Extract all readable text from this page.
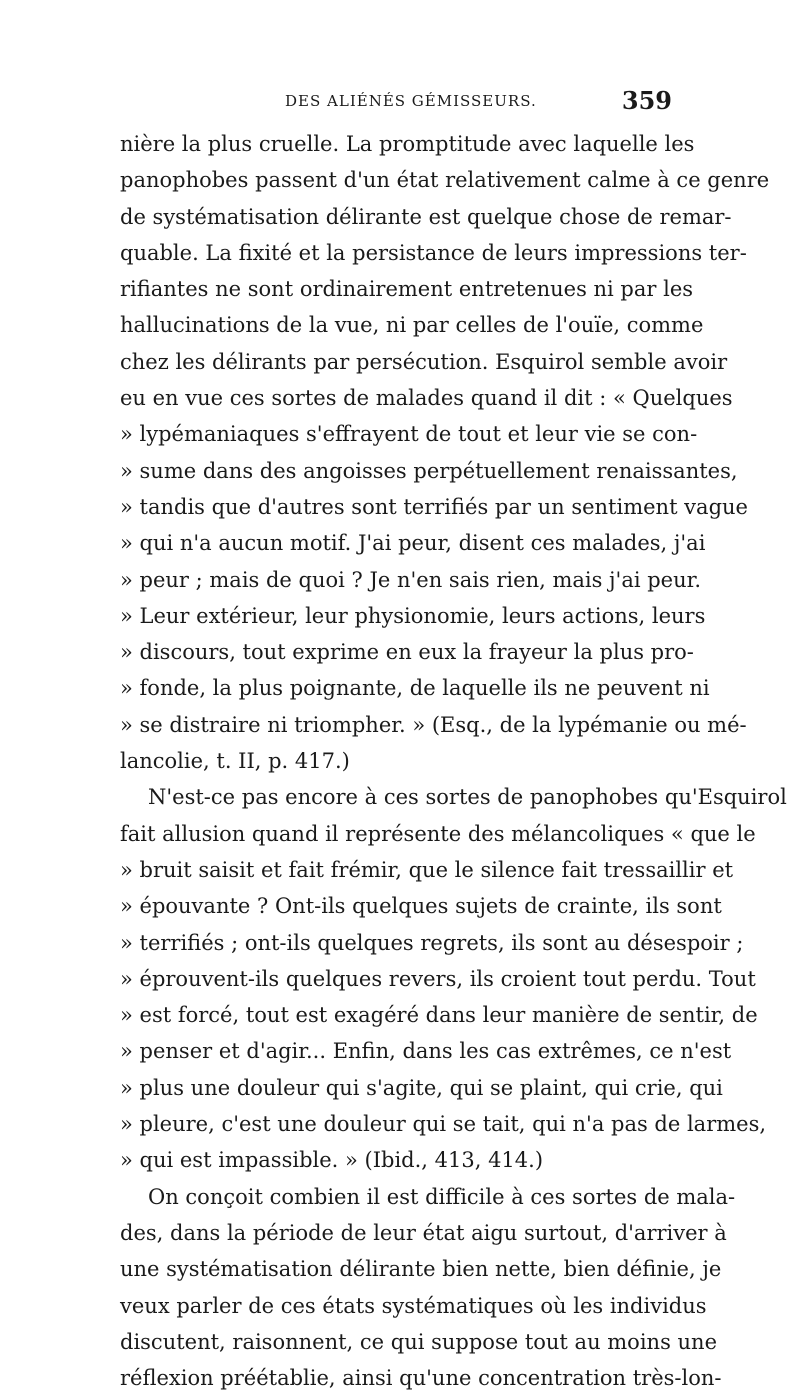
DES ALIÉNÉS GÉMISSEURS.	359
nière la plus cruelle. La promptitude avec laquelle les
panophobes passent d'un état relativement calme à ce genre
de systématisation délirante est quelque chose de remar-
quable. La fixité et la persistance de leurs impressions ter-
rifiantes ne sont ordinairement entretenues ni par les
hallucinations de la vue, ni par celles de l'ouïe, comme
chez les délirants par persécution. Esquirol semble avoir
eu en vue ces sortes de malades quand il dit : « Quelques
» lypémaniaques s'effrayent de tout et leur vie se con-
» sume dans des angoisses perpétuellement renaissantes,
» tandis que d'autres sont terrifiés par un sentiment vague
» qui n'a aucun motif. J'ai peur, disent ces malades, j'ai
» peur ; mais de quoi ? Je n'en sais rien, mais j'ai peur.
» Leur extérieur, leur physionomie, leurs actions, leurs
» discours, tout exprime en eux la frayeur la plus pro-
» fonde, la plus poignante, de laquelle ils ne peuvent ni
» se distraire ni triompher. » (Esq., de la lypémanie ou mé-
lancolie, t. II, p. 417.)
N'est-ce pas encore à ces sortes de panophobes qu'Esquirol
fait allusion quand il représente des mélancoliques « que le
» bruit saisit et fait frémir, que le silence fait tressaillir et
» épouvante ? Ont-ils quelques sujets de crainte, ils sont
» terrifiés ; ont-ils quelques regrets, ils sont au désespoir ;
» éprouvent-ils quelques revers, ils croient tout perdu. Tout
» est forcé, tout est exagéré dans leur manière de sentir, de
» penser et d'agir... Enfin, dans les cas extrêmes, ce n'est
» plus une douleur qui s'agite, qui se plaint, qui crie, qui
» pleure, c'est une douleur qui se tait, qui n'a pas de larmes,
» qui est impassible. » (Ibid., 413, 414.)
On conçoit combien il est difficile à ces sortes de mala-
des, dans la période de leur état aigu surtout, d'arriver à
une systématisation délirante bien nette, bien définie, je
veux parler de ces états systématiques où les individus
discutent, raisonnent, ce qui suppose tout au moins une
réflexion préétablie, ainsi qu'une concentration très-lon-
